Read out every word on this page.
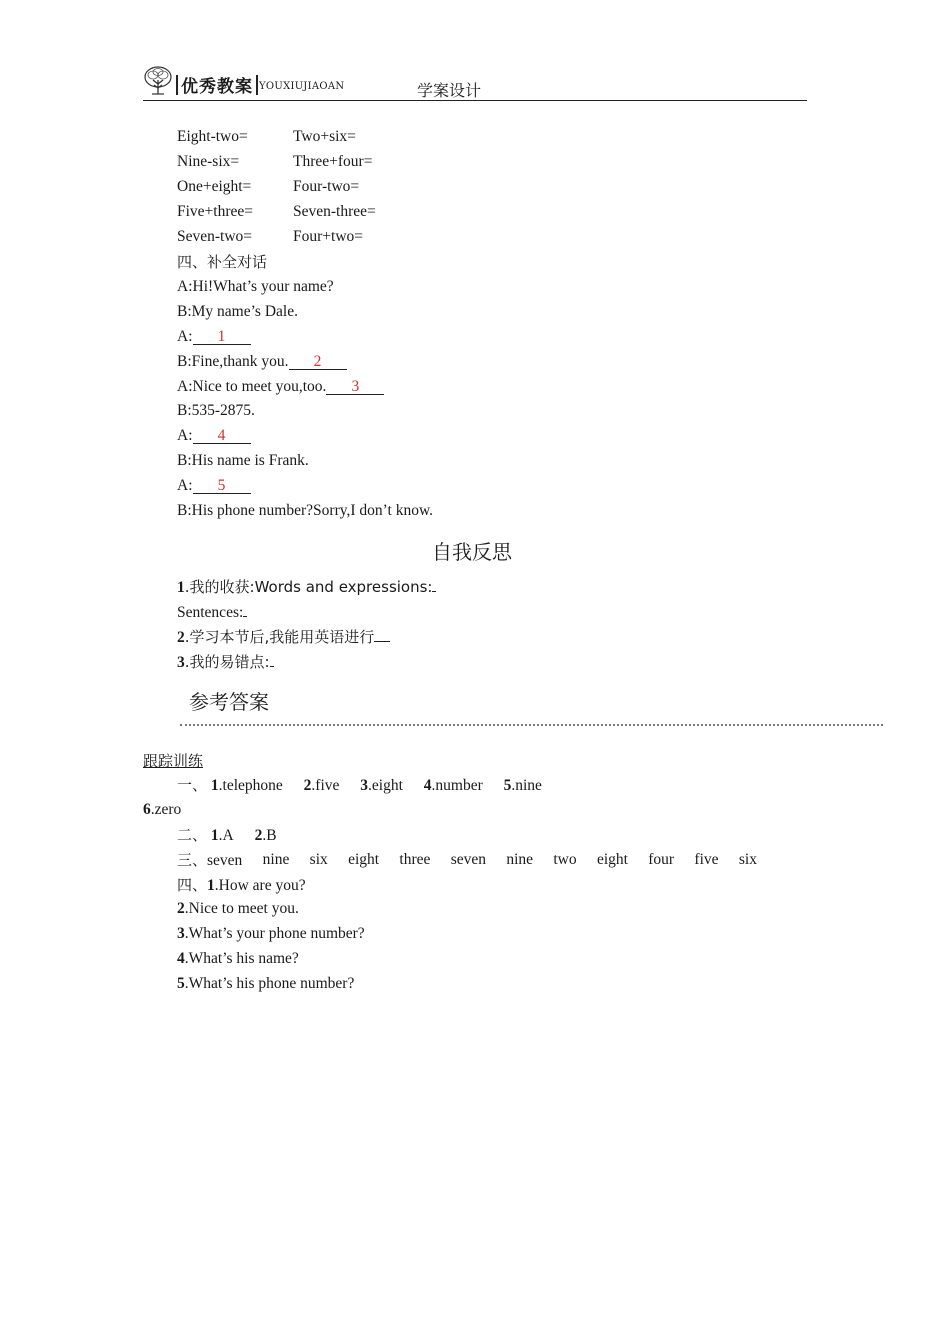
优秀教案 YOUXIUJIAOAN	学案设计
Eight-two=	Two+six=
Nine-six=	Three+four=
One+eight=	Four-two=
Five+three=	Seven-three=
Seven-two=	Four+two=
四、补全对话
A:Hi!What’s your name?
B:My name’s Dale.
A: 1
B:Fine,thank you. 2
A:Nice to meet you,too. 3
B:535-2875.
A: 4
B:His name is Frank.
A: 5
B:His phone number?Sorry,I don’t know.
自我反思
1.我的收获:Words and expressions:
Sentences:
2.学习本节后,我能用英语进行
3.我的易错点:
参考答案
跟踪训练
一、 1.telephone 2.five 3.eight 4.number 5.nine
6.zero
二、 1.A 2.B
三、seven nine six eight three seven nine two eight four five six
四、1.How are you?
2.Nice to meet you.
3.What’s your phone number?
4.What’s his name?
5.What’s his phone number?
